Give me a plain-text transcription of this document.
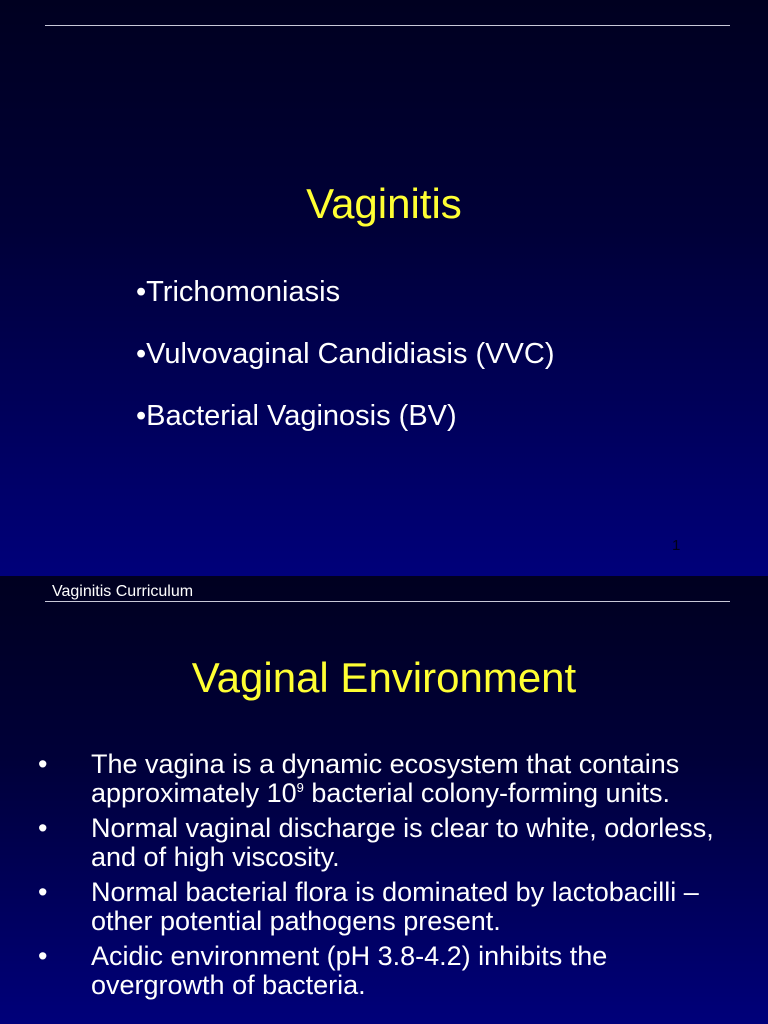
Vaginitis
•Trichomoniasis
•Vulvovaginal Candidiasis (VVC)
•Bacterial Vaginosis (BV)
1
Vaginitis Curriculum
Vaginal Environment
• The vagina is a dynamic ecosystem that contains approximately $10^9$ bacterial colony-forming units.
• Normal vaginal discharge is clear to white, odorless, and of high viscosity.
• Normal bacterial flora is dominated by lactobacilli – other potential pathogens present.
• Acidic environment (pH 3.8-4.2) inhibits the overgrowth of bacteria.
